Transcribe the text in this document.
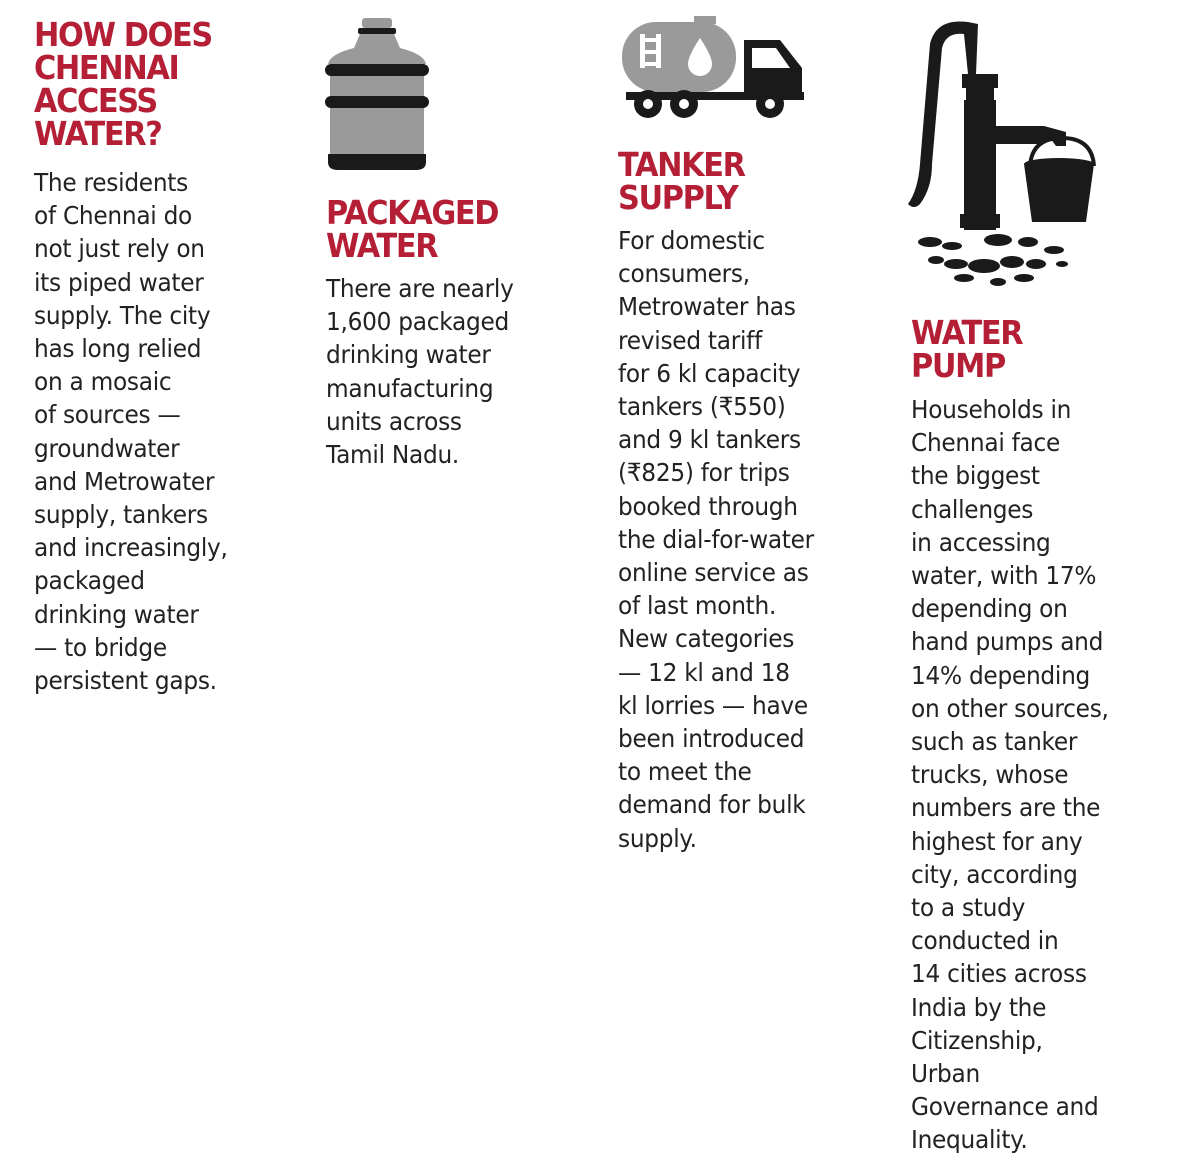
HOW DOES
CHENNAI
ACCESS
WATER?

The residents
of Chennai do
not just rely on
its piped water
supply. The city
has long relied
on a mosaic
of sources —
groundwater
and Metrowater
supply, tankers
and increasingly,
packaged
drinking water
— to bridge
persistent gaps.

PACKAGED
WATER

There are nearly
1,600 packaged
drinking water
manufacturing
units across
Tamil Nadu.

TANKER
SUPPLY

For domestic
consumers,
Metrowater has
revised tariff
for 6 kl capacity
tankers (₹550)
and 9 kl tankers
(₹825) for trips
booked through
the dial-for-water
online service as
of last month.
New categories
— 12 kl and 18
kl lorries — have
been introduced
to meet the
demand for bulk
supply.

WATER
PUMP

Households in
Chennai face
the biggest
challenges
in accessing
water, with 17%
depending on
hand pumps and
14% depending
on other sources,
such as tanker
trucks, whose
numbers are the
highest for any
city, according
to a study
conducted in
14 cities across
India by the
Citizenship,
Urban
Governance and
Inequality.
